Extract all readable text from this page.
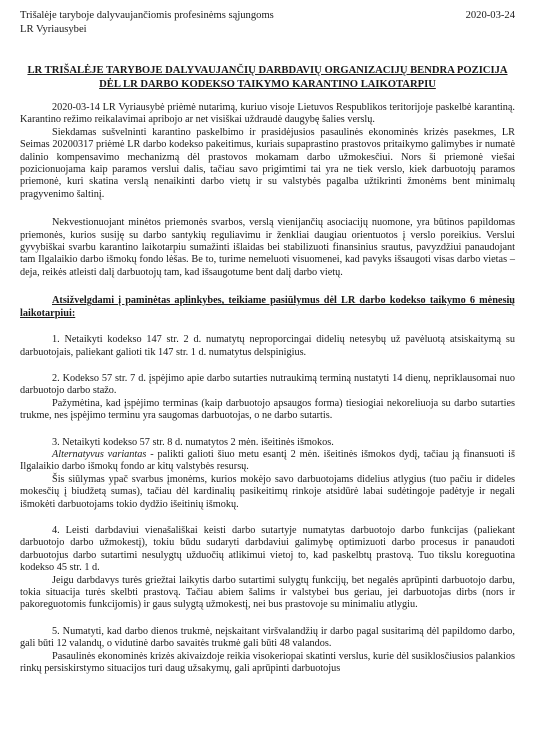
Trišalėje taryboje dalyvaujančiomis profesinėms sąjungoms
LR Vyriausybei
2020-03-24
LR TRIŠALĖJE TARYBOJE DALYVAUJANČIŲ DARBDAVIŲ ORGANIZACIJŲ BENDRA POZICIJA DĖL LR DARBO KODEKSO TAIKYMO KARANTINO LAIKOTARPIU

2020-03-14 LR Vyriausybė priėmė nutarimą, kuriuo visoje Lietuvos Respublikos teritorijoje paskelbė karantiną. Karantino režimo reikalavimai apribojo ar net visiškai uždraudė daugybę šalies verslų.

Siekdamas sušvelninti karantino paskelbimo ir prasidėjusios pasaulinės ekonominės krizės pasekmes, LR Seimas 20200317 priėmė LR darbo kodekso pakeitimus, kuriais supaprastino prastovos pritaikymo galimybes ir numatė dalinio kompensavimo mechanizmą dėl prastovos mokamam darbo užmokesčiui. Nors ši priemonė viešai pozicionuojama kaip paramos verslui dalis, tačiau savo prigimtimi tai yra ne tiek verslo, kiek darbuotojų paramos priemonė, kuri skatina verslą nenaikinti darbo vietų ir su valstybės pagalba užtikrinti žmonėms bent minimalų pragyvenimo šaltinį.

Nekvestionuojant minėtos priemonės svarbos, verslą vienijančių asociacijų nuomone, yra būtinos papildomas priemonės, kurios susiję su darbo santykių reguliavimu ir ženkliai daugiau orientuotos į verslo poreikius. Verslui gyvybiškai svarbu karantino laikotarpiu sumažinti išlaidas bei stabilizuoti finansinius srautus, pavyzdžiui panaudojant tam Ilgalaikio darbo išmokų fondo lėšas. Be to, turime nemeluoti visuomenei, kad pavyks išsaugoti visas darbo vietas – deja, reikės atleisti dalį darbuotojų tam, kad išsaugotume bent dalį darbo vietų.

Atsižvelgdami į paminėtas aplinkybes, teikiame pasiūlymus dėl LR darbo kodekso taikymo 6 mėnesių laikotarpiui:

1. Netaikyti kodekso 147 str. 2 d. numatytų neproporcingai didelių netesybų už pavėluotą atsiskaitymą su darbuotojais, paliekant galioti tik 147 str. 1 d. numatytus delspinigius.

2. Kodekso 57 str. 7 d. įspėjimo apie darbo sutarties nutraukimą terminą nustatyti 14 dienų, nepriklausomai nuo darbuotojo darbo stažo.

Pažymėtina, kad įspėjimo terminas (kaip darbuotojo apsaugos forma) tiesiogiai nekoreliuoja su darbo sutarties trukme, nes įspėjimo terminu yra saugomas darbuotojas, o ne darbo sutartis.

3. Netaikyti kodekso 57 str. 8 d. numatytos 2 mėn. išeitinės išmokos.

Alternatyvus variantas - palikti galioti šiuo metu esantį 2 mėn. išeitinės išmokos dydį, tačiau ją finansuoti iš Ilgalaikio darbo išmokų fondo ar kitų valstybės resursų.

Šis siūlymas ypač svarbus įmonėms, kurios mokėjo savo darbuotojams didelius atlygius (tuo pačiu ir dideles mokesčių į biudžetą sumas), tačiau dėl kardinalių pasikeitimų rinkoje atsidūrė labai sudėtingoje padėtyje ir negali išmokėti darbuotojams tokio dydžio išeitinių išmokų.

4. Leisti darbdaviui vienašališkai keisti darbo sutartyje numatytas darbuotojo darbo funkcijas (paliekant darbuotojo darbo užmokestį), tokiu būdu sudaryti darbdaviui galimybę optimizuoti darbo procesus ir panaudoti darbuotojus darbo sutartimi nesulygtų užduočių atlikimui vietoj to, kad paskelbtų prastovą. Tuo tikslu koreguotina kodekso 45 str. 1 d.

Jeigu darbdavys turės griežtai laikytis darbo sutartimi sulygtų funkcijų, bet negalės aprūpinti darbuotojo darbu, tokia situacija turės skelbti prastovą. Tačiau abiem šalims ir valstybei bus geriau, jei darbuotojas dirbs (nors ir pakoreguotomis funkcijomis) ir gaus sulygtą užmokestį, nei bus prastovoje su minimaliu atlygiu.

5. Numatyti, kad darbo dienos trukmė, neįskaitant viršvalandžių ir darbo pagal susitarimą dėl papildomo darbo, gali būti 12 valandų, o vidutinė darbo savaitės trukmė gali būti 48 valandos.

Pasaulinės ekonominės krizės akivaizdoje reikia visokeriopai skatinti verslus, kurie dėl susiklosčiusios palankios rinkų persiskirstymo situacijos turi daug užsakymų, gali aprūpinti darbuotojus
